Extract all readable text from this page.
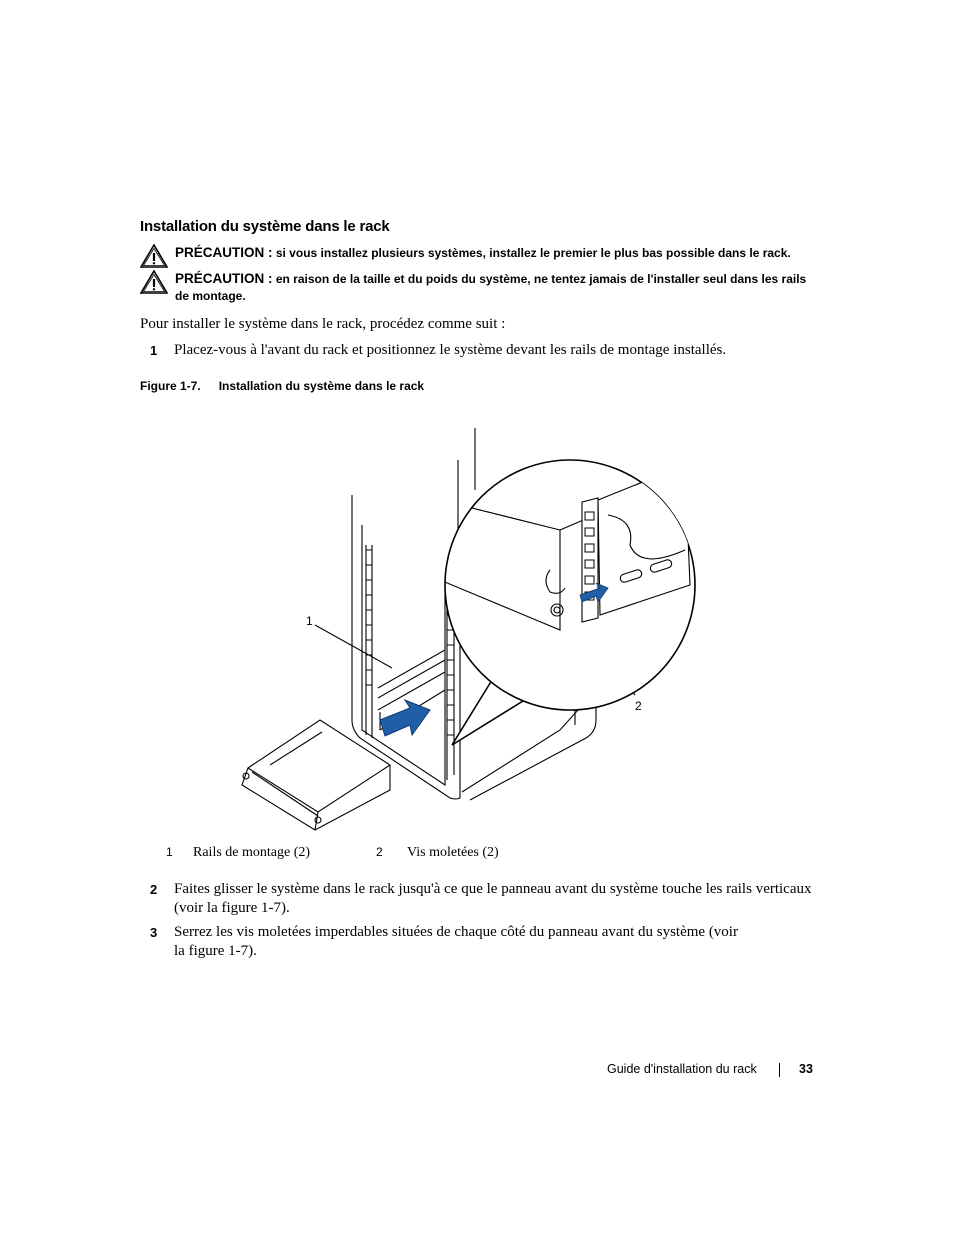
Installation du système dans le rack
PRÉCAUTION : si vous installez plusieurs systèmes, installez le premier le plus bas possible dans le rack.
PRÉCAUTION : en raison de la taille et du poids du système, ne tentez jamais de l'installer seul dans les rails de montage.
Pour installer le système dans le rack, procédez comme suit :
1 Placez-vous à l'avant du rack et positionnez le système devant les rails de montage installés.
Figure 1-7. Installation du système dans le rack
1
2
1 Rails de montage (2)	2 Vis moletées (2)
2 Faites glisser le système dans le rack jusqu'à ce que le panneau avant du système touche les rails verticaux (voir la figure 1-7).
3 Serrez les vis moletées imperdables situées de chaque côté du panneau avant du système (voir la figure 1-7).
Guide d'installation du rack	33
